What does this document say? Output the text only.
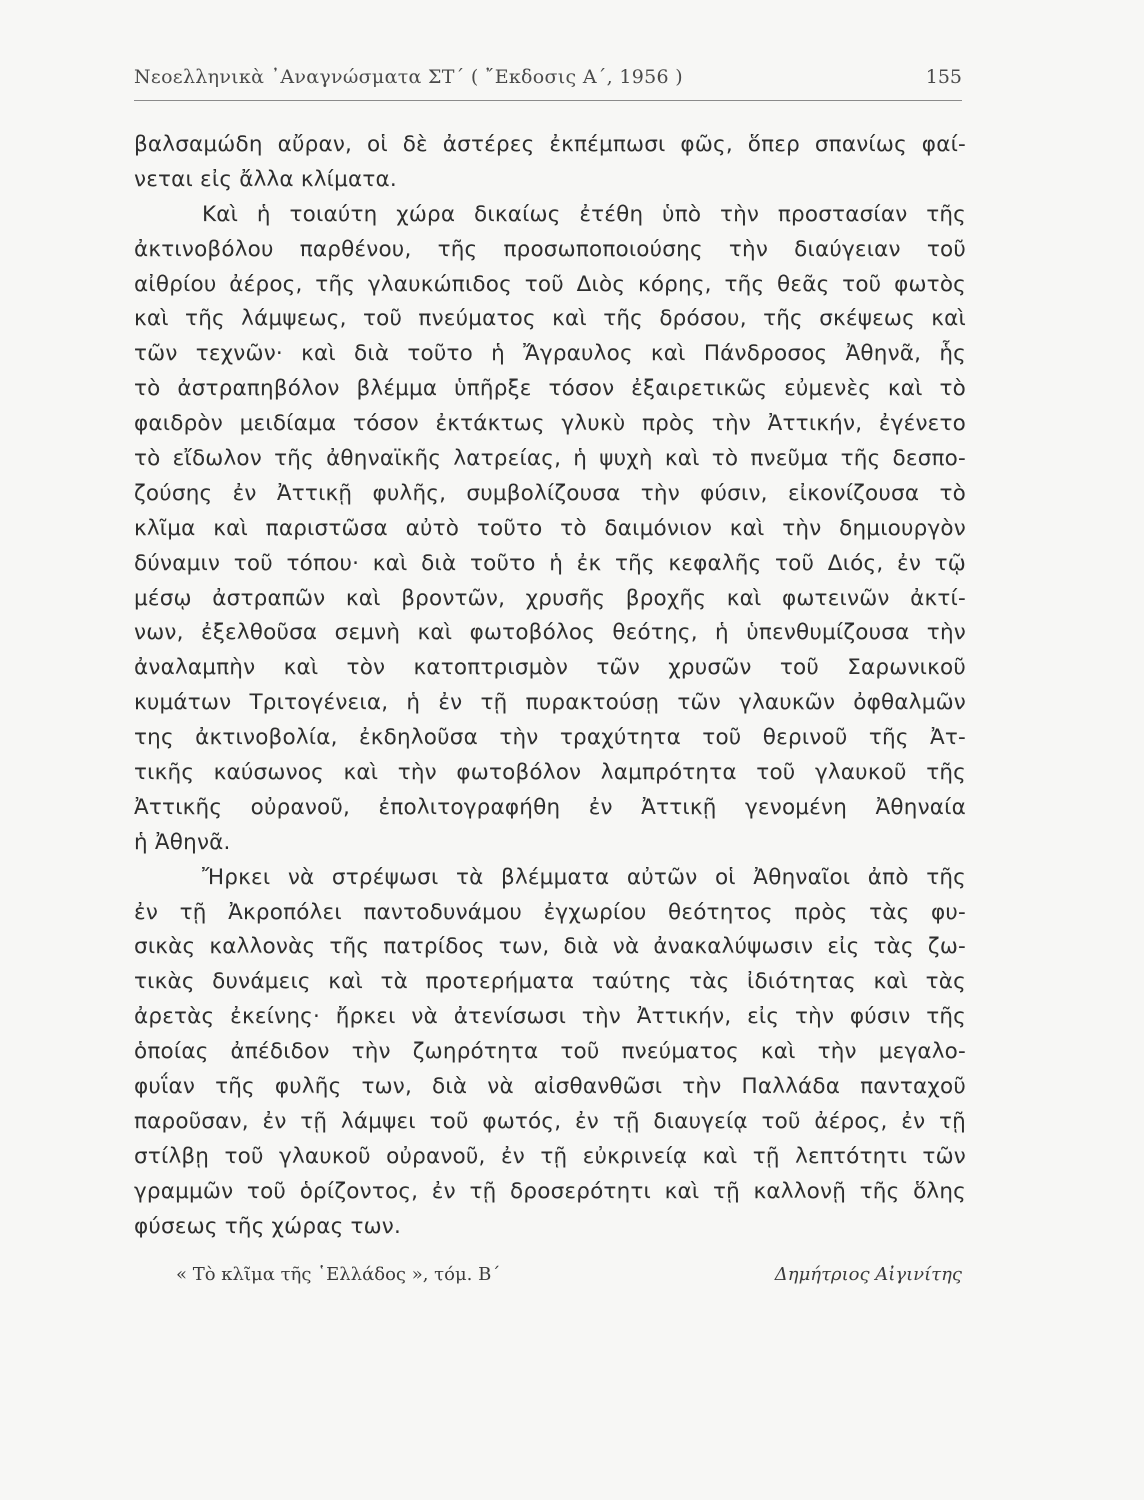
Νεοελληνικὰ ᾿Αναγνώσματα ΣΤ΄ ( ῎Εκδοσις Α΄, 1956 )	155
βαλσαμώδη αὔραν, οἱ δὲ ἀστέρες ἐκπέμπωσι φῶς, ὅπερ σπανίως φαί-
νεται εἰς ἄλλα κλίματα.
Καὶ ἡ τοιαύτη χώρα δικαίως ἐτέθη ὑπὸ τὴν προστασίαν τῆς
ἀκτινοβόλου παρθένου, τῆς προσωποποιούσης τὴν διαύγειαν τοῦ
αἰθρίου ἀέρος, τῆς γλαυκώπιδος τοῦ Διὸς κόρης, τῆς θεᾶς τοῦ φωτὸς
καὶ τῆς λάμψεως, τοῦ πνεύματος καὶ τῆς δρόσου, τῆς σκέψεως καὶ
τῶν τεχνῶν· καὶ διὰ τοῦτο ἡ Ἄγραυλος καὶ Πάνδροσος Ἀθηνᾶ, ἧς
τὸ ἀστραπηβόλον βλέμμα ὑπῆρξε τόσον ἐξαιρετικῶς εὐμενὲς καὶ τὸ
φαιδρὸν μειδίαμα τόσον ἐκτάκτως γλυκὺ πρὸς τὴν Ἀττικήν, ἐγένετο
τὸ εἴδωλον τῆς ἀθηναϊκῆς λατρείας, ἡ ψυχὴ καὶ τὸ πνεῦμα τῆς δεσπο-
ζούσης ἐν Ἀττικῇ φυλῆς, συμβολίζουσα τὴν φύσιν, εἰκονίζουσα τὸ
κλῖμα καὶ παριστῶσα αὐτὸ τοῦτο τὸ δαιμόνιον καὶ τὴν δημιουργὸν
δύναμιν τοῦ τόπου· καὶ διὰ τοῦτο ἡ ἐκ τῆς κεφαλῆς τοῦ Διός, ἐν τῷ
μέσῳ ἀστραπῶν καὶ βροντῶν, χρυσῆς βροχῆς καὶ φωτεινῶν ἀκτί-
νων, ἐξελθοῦσα σεμνὴ καὶ φωτοβόλος θεότης, ἡ ὑπενθυμίζουσα τὴν
ἀναλαμπὴν καὶ τὸν κατοπτρισμὸν τῶν χρυσῶν τοῦ Σαρωνικοῦ
κυμάτων Τριτογένεια, ἡ ἐν τῇ πυρακτούσῃ τῶν γλαυκῶν ὀφθαλμῶν
της ἀκτινοβολία, ἐκδηλοῦσα τὴν τραχύτητα τοῦ θερινοῦ τῆς Ἀτ-
τικῆς καύσωνος καὶ τὴν φωτοβόλον λαμπρότητα τοῦ γλαυκοῦ τῆς
Ἀττικῆς οὐρανοῦ, ἐπολιτογραφήθη ἐν Ἀττικῇ γενομένη Ἀθηναία
ἡ Ἀθηνᾶ.
Ἤρκει νὰ στρέψωσι τὰ βλέμματα αὐτῶν οἱ Ἀθηναῖοι ἀπὸ τῆς
ἐν τῇ Ἀκροπόλει παντοδυνάμου ἐγχωρίου θεότητος πρὸς τὰς φυ-
σικὰς καλλονὰς τῆς πατρίδος των, διὰ νὰ ἀνακαλύψωσιν εἰς τὰς ζω-
τικὰς δυνάμεις καὶ τὰ προτερήματα ταύτης τὰς ἰδιότητας καὶ τὰς
ἀρετὰς ἐκείνης· ἤρκει νὰ ἀτενίσωσι τὴν Ἀττικήν, εἰς τὴν φύσιν τῆς
ὁποίας ἀπέδιδον τὴν ζωηρότητα τοῦ πνεύματος καὶ τὴν μεγαλο-
φυΐαν τῆς φυλῆς των, διὰ νὰ αἰσθανθῶσι τὴν Παλλάδα πανταχοῦ
παροῦσαν, ἐν τῇ λάμψει τοῦ φωτός, ἐν τῇ διαυγείᾳ τοῦ ἀέρος, ἐν τῇ
στίλβῃ τοῦ γλαυκοῦ οὐρανοῦ, ἐν τῇ εὐκρινείᾳ καὶ τῇ λεπτότητι τῶν
γραμμῶν τοῦ ὁρίζοντος, ἐν τῇ δροσερότητι καὶ τῇ καλλονῇ τῆς ὅλης
φύσεως τῆς χώρας των.
« Τὸ κλῖμα τῆς ῾Ελλάδος », τόμ. Β΄	Δημήτριος Αἰγινίτης
